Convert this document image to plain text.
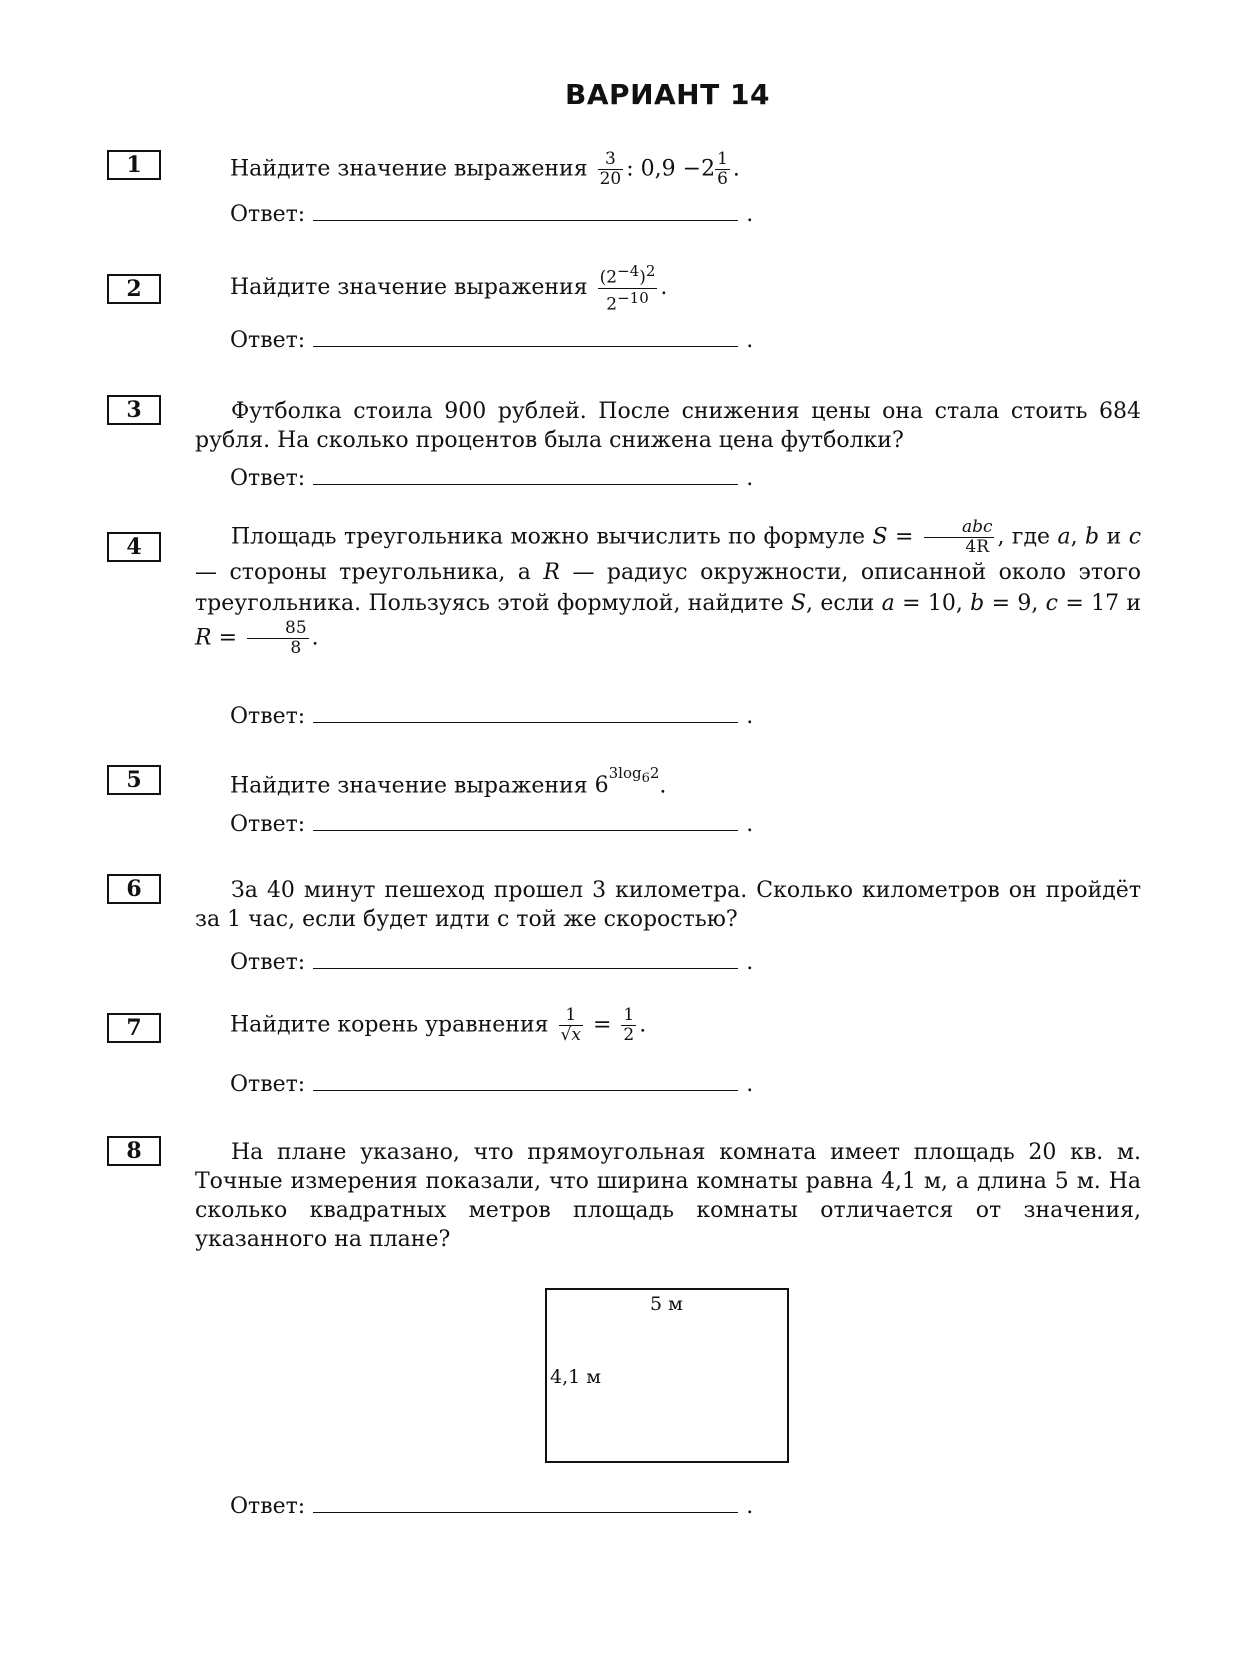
ВАРИАНТ 14
1	Найдите значение выражения $\frac{3}{20}$ : $0,9 -2 \frac{1}{6}$ .
Ответ:	.
2	Найдите значение выражения $\frac{(2^{-4})^2}{2^{-10}}$ .
Ответ:	.
3	Футболка стоила 900 рублей. После снижения цены она стала стоить 684 рубля. На сколько процентов была снижена цена футболки?
Ответ:	.
4	Площадь треугольника можно вычислить по формуле $S = \frac{\text{abc}}{4R}$ , где a, b и c — стороны треугольника, а R — радиус окружности, описанной около этого треугольника. Пользуясь этой формулой, найдите S, если a = 10, b = 9, c = 17 и $R = \frac{85}{8}$ .
Ответ:	.
5	Найдите значение выражения $6^{3log_62}$.
Ответ:	.
6	За 40 минут пешеход прошел 3 километра. Сколько километров он пройдёт за 1 час, если будет идти с той же скоростью?
Ответ:	.
7	Найдите корень уравнения $\frac{1}{√x} = \frac{1}{2}$ .
Ответ:	.
8	На плане указано, что прямоугольная комната имеет площадь 20 кв. м. Точные измерения показали, что ширина комнаты равна 4,1 м, а длина 5 м. На сколько квадратных метров площадь комнаты отличается от значения, указанного на плане?
5 м
4,1 м
Ответ:	.
